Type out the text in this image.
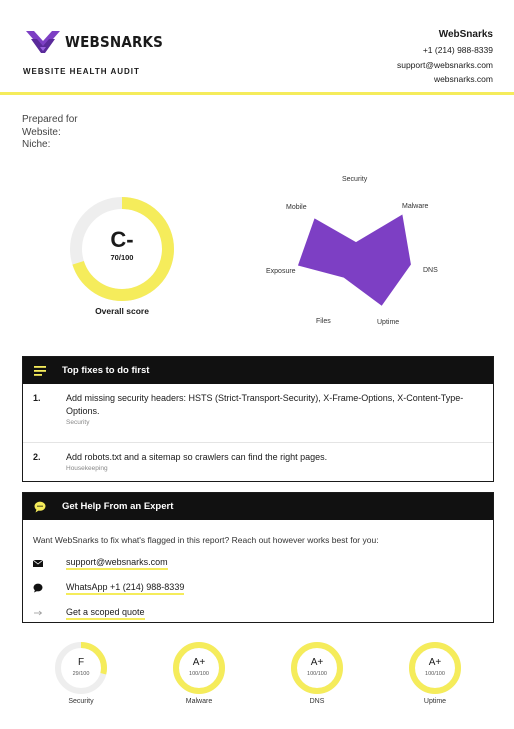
WEBSNARKS
WEBSITE HEALTH AUDIT
WebSnarks
+1 (214) 988-8339
support@websnarks.com
websnarks.com
Prepared for
Website:
Niche:
C-
70/100
Overall score
Security
Malware
DNS
Uptime
Files
Exposure
Mobile
Top fixes to do first
1.	Add missing security headers: HSTS (Strict-Transport-Security), X-Frame-Options, X-Content-Type-Options.
Security
2.	Add robots.txt and a sitemap so crawlers can find the right pages.
Housekeeping
Get Help From an Expert
Want WebSnarks to fix what's flagged in this report? Reach out however works best for you:
support@websnarks.com
WhatsApp +1 (214) 988-8339
Get a scoped quote
F
29/100
Security
A+
100/100
Malware
A+
100/100
DNS
A+
100/100
Uptime
